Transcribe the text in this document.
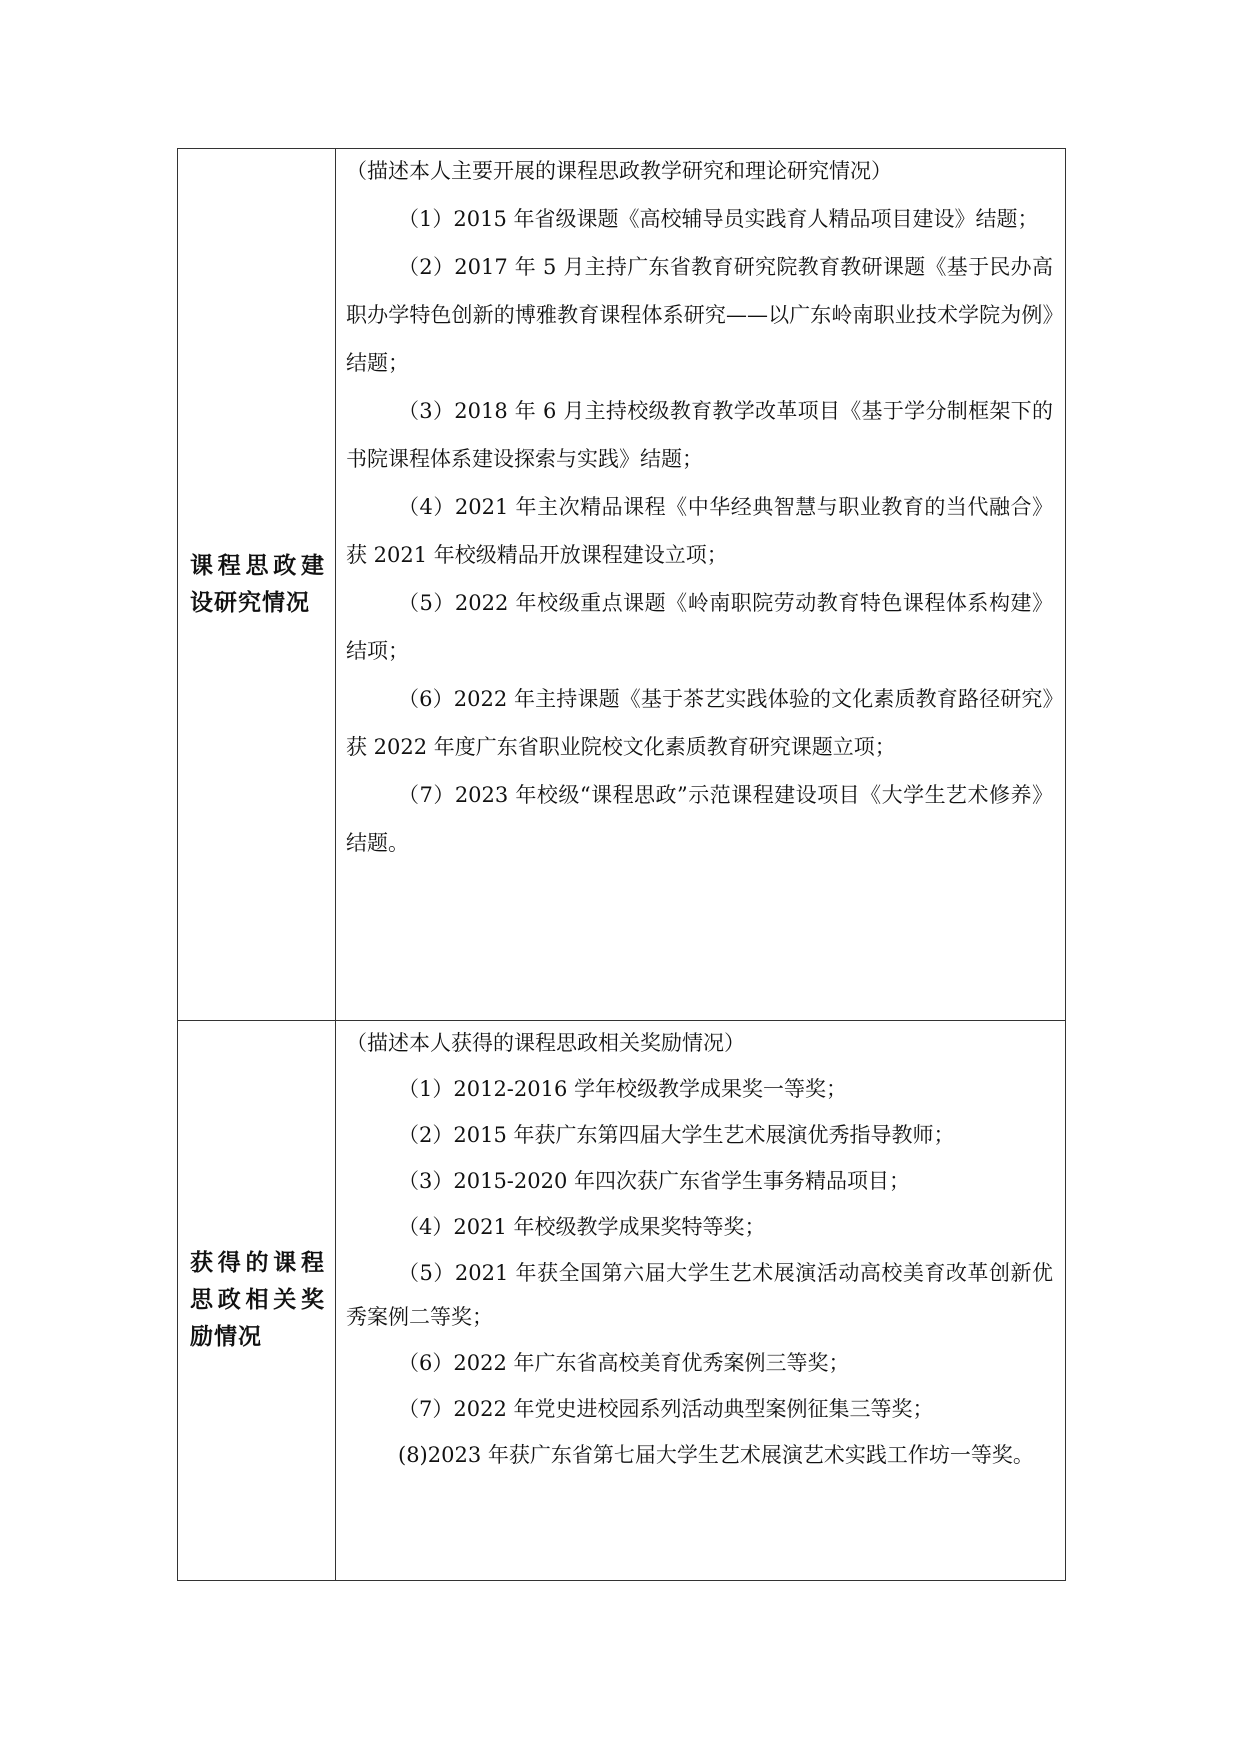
课程思政建设研究情况

（描述本人主要开展的课程思政教学研究和理论研究情况）

（1）2015 年省级课题《高校辅导员实践育人精品项目建设》结题；

（2）2017 年 5 月主持广东省教育研究院教育教研课题《基于民办高职办学特色创新的博雅教育课程体系研究——以广东岭南职业技术学院为例》结题；

（3）2018 年 6 月主持校级教育教学改革项目《基于学分制框架下的书院课程体系建设探索与实践》结题；

（4）2021 年主次精品课程《中华经典智慧与职业教育的当代融合》获 2021 年校级精品开放课程建设立项；

（5）2022 年校级重点课题《岭南职院劳动教育特色课程体系构建》结项；

（6）2022 年主持课题《基于茶艺实践体验的文化素质教育路径研究》获 2022 年度广东省职业院校文化素质教育研究课题立项；

（7）2023 年校级“课程思政”示范课程建设项目《大学生艺术修养》结题。

获得的课程思政相关奖励情况

（描述本人获得的课程思政相关奖励情况）

（1）2012-2016 学年校级教学成果奖一等奖；

（2）2015 年获广东第四届大学生艺术展演优秀指导教师；

（3）2015-2020 年四次获广东省学生事务精品项目；

（4）2021 年校级教学成果奖特等奖；

（5）2021 年获全国第六届大学生艺术展演活动高校美育改革创新优秀案例二等奖；

（6）2022 年广东省高校美育优秀案例三等奖；

（7）2022 年党史进校园系列活动典型案例征集三等奖；

(8)2023 年获广东省第七届大学生艺术展演艺术实践工作坊一等奖。
